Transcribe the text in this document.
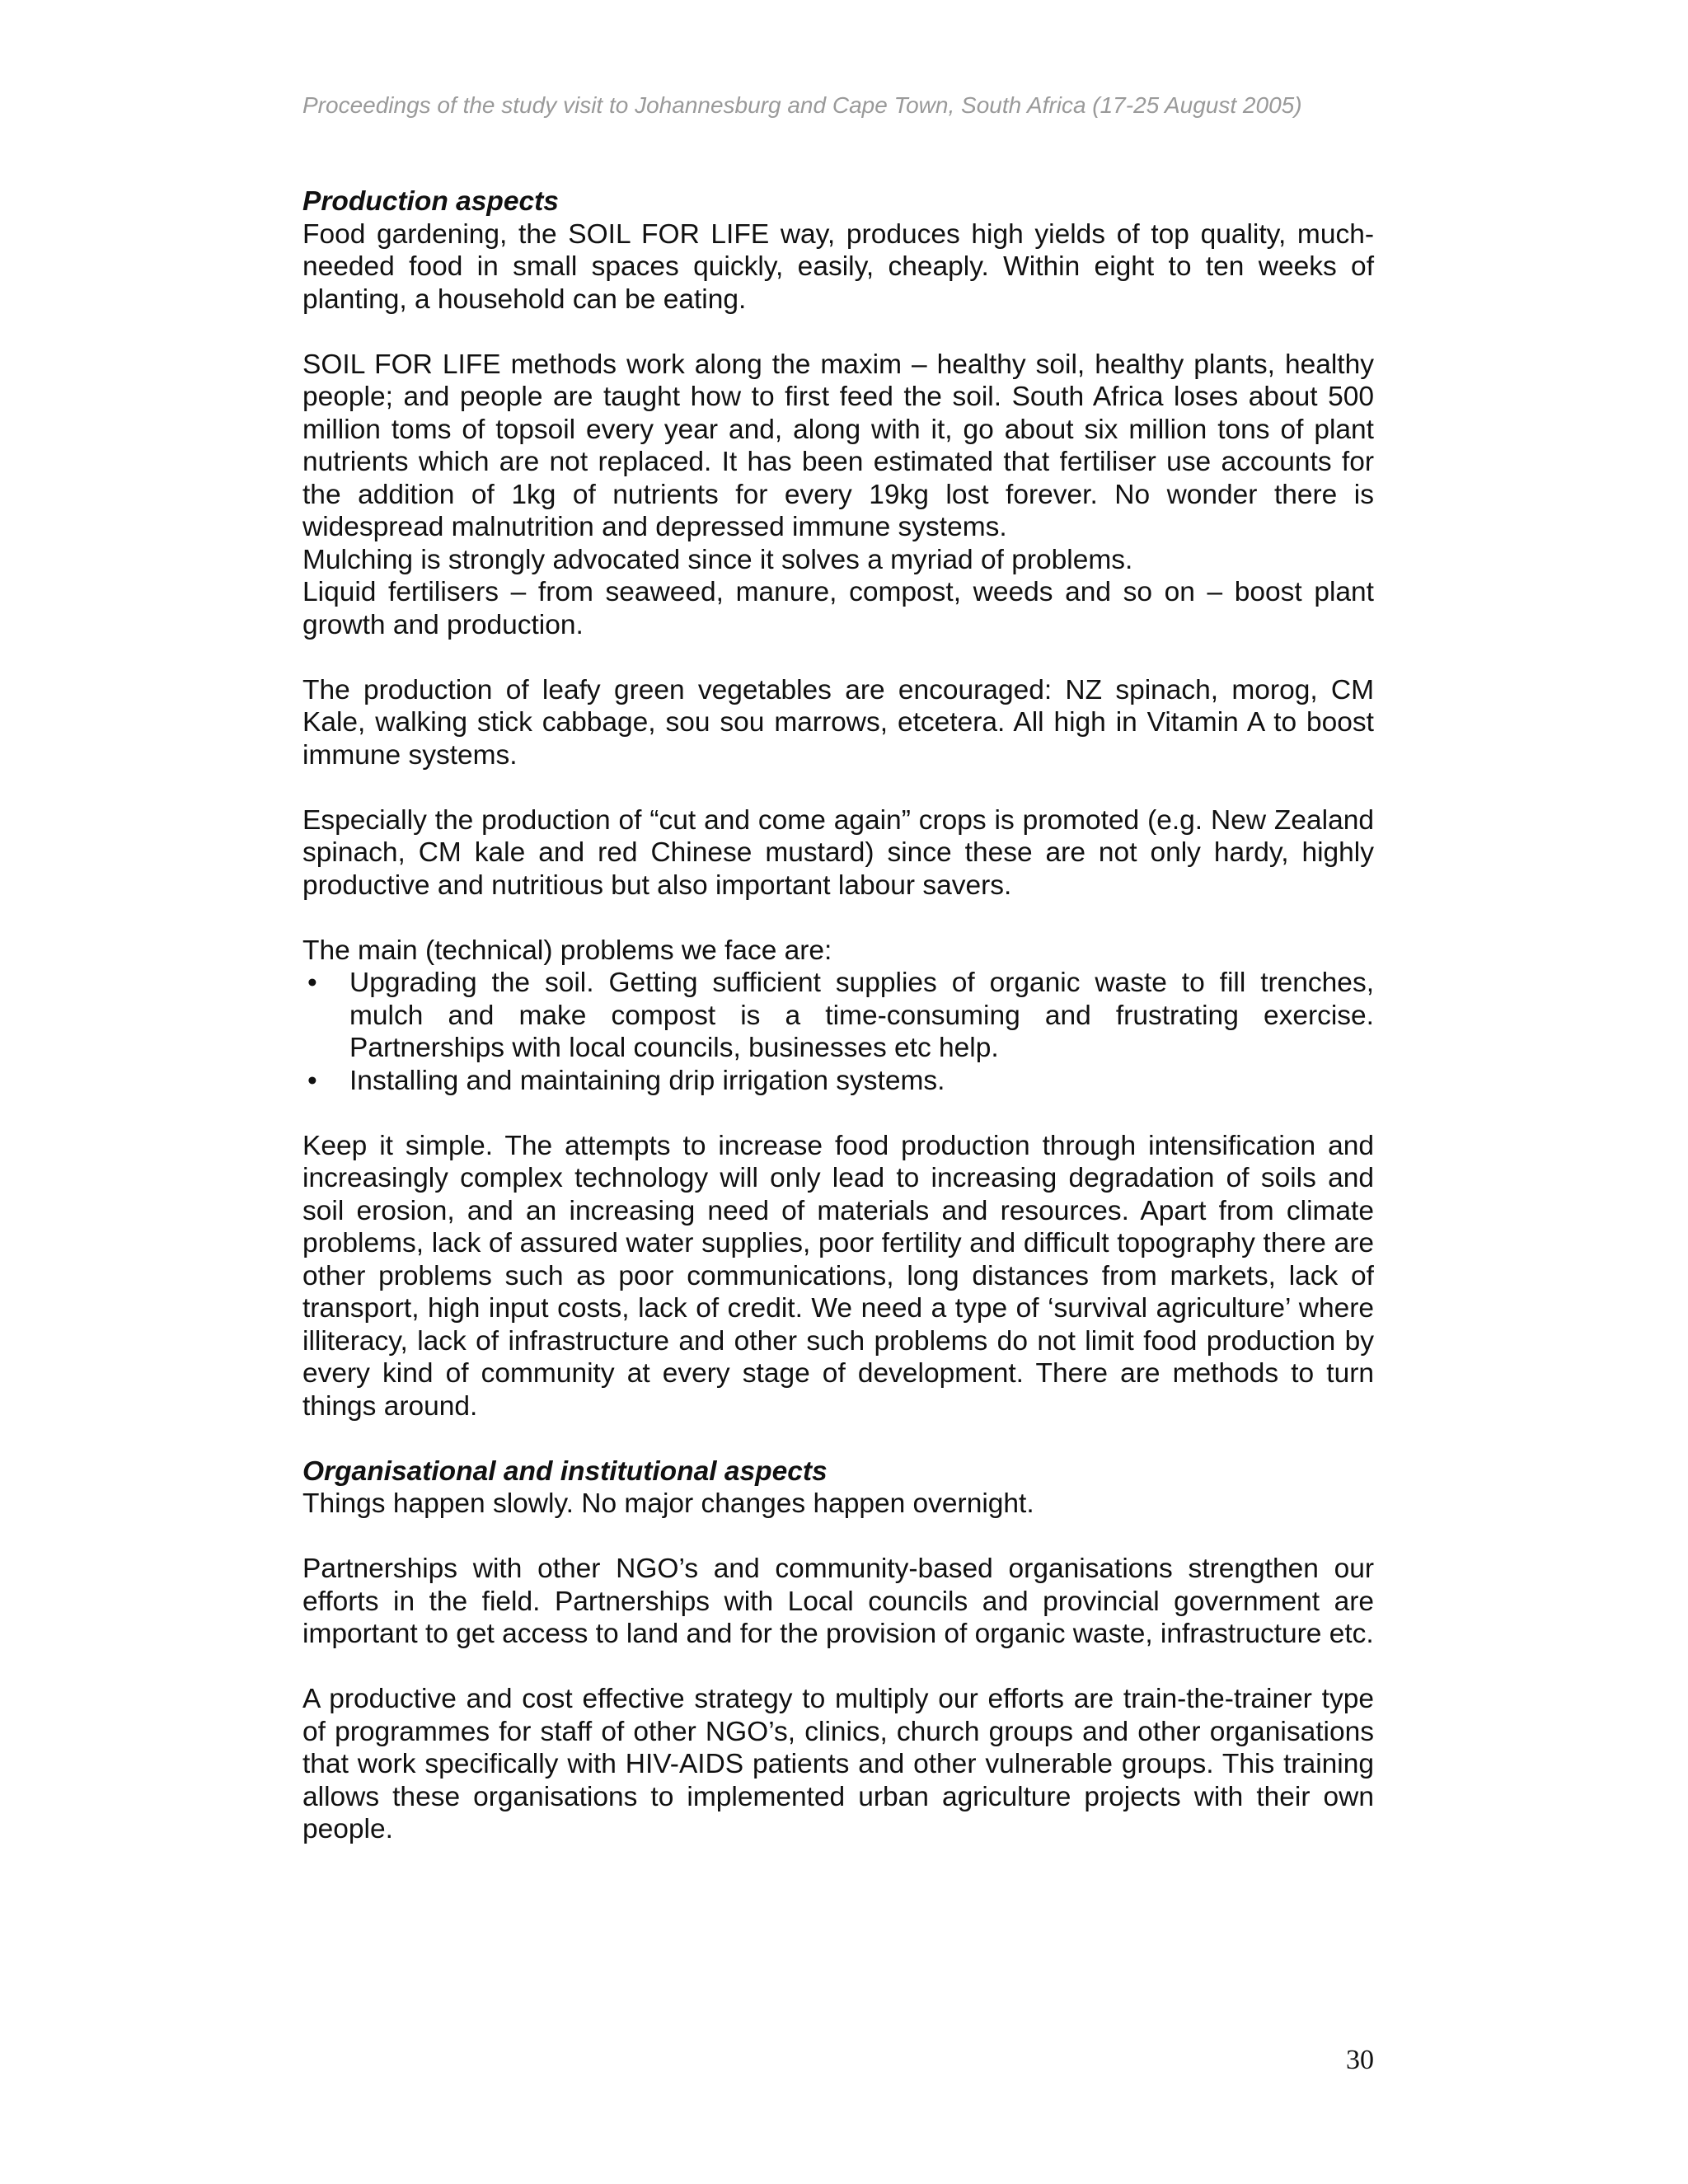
Proceedings of the study visit to Johannesburg and Cape Town, South Africa (17-25 August 2005)

Production aspects

Food gardening, the SOIL FOR LIFE way, produces high yields of top quality, much-needed food in small spaces quickly, easily, cheaply. Within eight to ten weeks of planting, a household can be eating.

SOIL FOR LIFE methods work along the maxim – healthy soil, healthy plants, healthy people; and people are taught how to first feed the soil. South Africa loses about 500 million toms of topsoil every year and, along with it, go about six million tons of plant nutrients which are not replaced. It has been estimated that fertiliser use accounts for the addition of 1kg of nutrients for every 19kg lost forever. No wonder there is widespread malnutrition and depressed immune systems.

Mulching is strongly advocated since it solves a myriad of problems.

Liquid fertilisers – from seaweed, manure, compost, weeds and so on – boost plant growth and production.

The production of leafy green vegetables are encouraged: NZ spinach, morog, CM Kale, walking stick cabbage, sou sou marrows, etcetera. All high in Vitamin A to boost immune systems.

Especially the production of “cut and come again” crops is promoted (e.g. New Zealand spinach, CM kale and red Chinese mustard) since these are not only hardy, highly productive and nutritious but also important labour savers.

The main (technical) problems we face are:

• Upgrading the soil. Getting sufficient supplies of organic waste to fill trenches, mulch and make compost is a time-consuming and frustrating exercise. Partnerships with local councils, businesses etc help.
• Installing and maintaining drip irrigation systems.

Keep it simple. The attempts to increase food production through intensification and increasingly complex technology will only lead to increasing degradation of soils and soil erosion, and an increasing need of materials and resources. Apart from climate problems, lack of assured water supplies, poor fertility and difficult topography there are other problems such as poor communications, long distances from markets, lack of transport, high input costs, lack of credit. We need a type of ‘survival agriculture’ where illiteracy, lack of infrastructure and other such problems do not limit food production by every kind of community at every stage of development. There are methods to turn things around.

Organisational and institutional aspects

Things happen slowly. No major changes happen overnight.

Partnerships with other NGO’s and community-based organisations strengthen our efforts in the field. Partnerships with Local councils and provincial government are important to get access to land and for the provision of organic waste, infrastructure etc.

A productive and cost effective strategy to multiply our efforts are train-the-trainer type of programmes for staff of other NGO’s, clinics, church groups and other organisations that work specifically with HIV-AIDS patients and other vulnerable groups. This training allows these organisations to implemented urban agriculture projects with their own people.

30
